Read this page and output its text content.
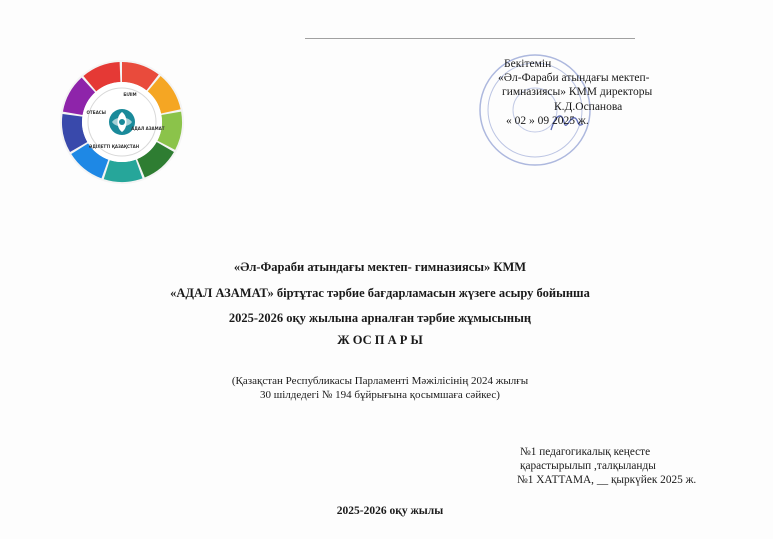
БІЛІМ
АДАЛ АЗАМАТ
ӘДІЛЕТТІ ҚАЗАҚСТАН
ОТБАСЫ
Бекітемін
«Әл-Фараби атындағы мектеп-
гимназиясы» КММ директоры
К.Д.Оспанова
« 02 » 09 2025 ж.
«Әл-Фараби атындағы мектеп- гимназиясы» КММ
«АДАЛ АЗАМАТ» біртұтас тәрбие бағдарламасын жүзеге асыру бойынша
2025-2026 оқу жылына арналған тәрбие жұмысының
Ж ОС П А Р Ы
(Қазақстан Республикасы Парламенті Мәжілісінің 2024 жылғы
30 шілдедегі № 194 бұйрығына қосымшаға сәйкес)
№1 педагогикалық кеңесте
қарастырылып ,талқыланды
№1 ХАТТАМА, __ қыркүйек 2025 ж.
2025-2026 оқу жылы
